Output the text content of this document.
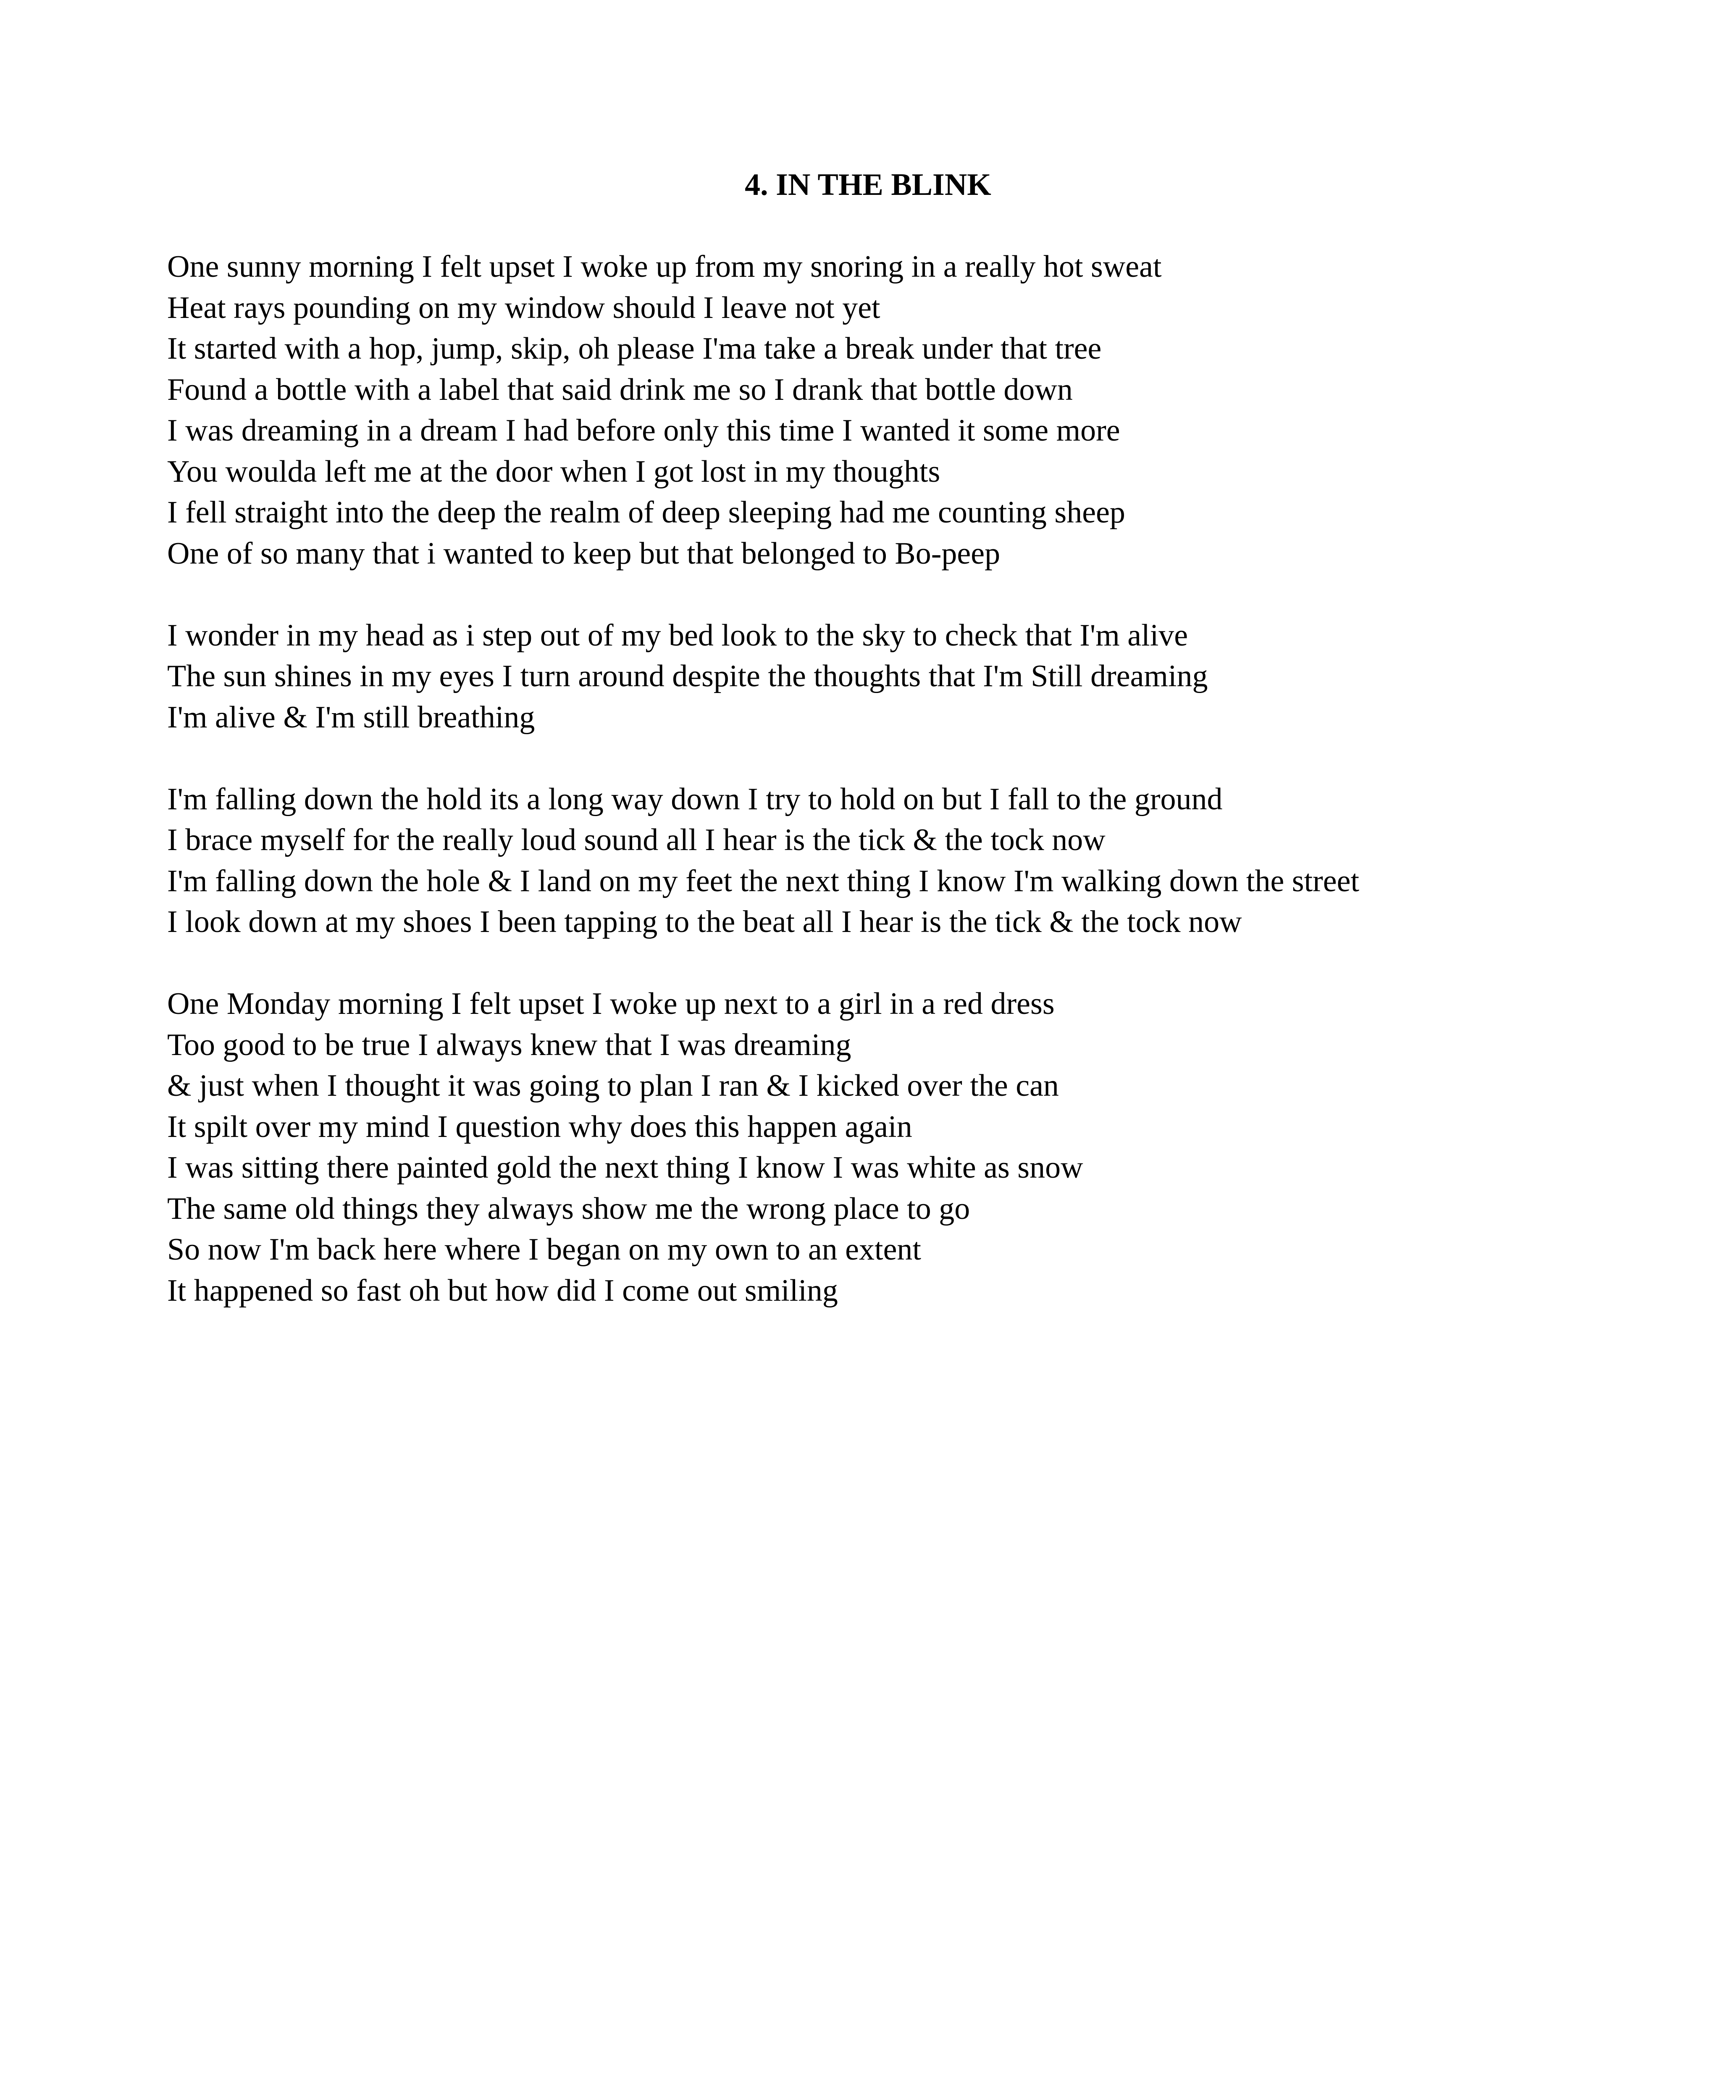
4. IN THE BLINK
One sunny morning I felt upset I woke up from my snoring in a really hot sweat
Heat rays pounding on my window should I leave not yet
It started with a hop, jump, skip, oh please I'ma take a break under that tree
Found a bottle with a label that said drink me so I drank that bottle down
I was dreaming in a dream I had before only this time I wanted it some more
You woulda left me at the door when I got lost in my thoughts
I fell straight into the deep the realm of deep sleeping had me counting sheep
One of so many that i wanted to keep but that belonged to Bo-peep
I wonder in my head as i step out of my bed look to the sky to check that I'm alive
The sun shines in my eyes I turn around despite the thoughts that I'm Still dreaming
I'm alive & I'm still breathing
I'm falling down the hold its a long way down I try to hold on but I fall to the ground
I brace myself for the really loud sound all I hear is the tick & the tock now
I'm falling down the hole & I land on my feet the next thing I know I'm walking down the street
I look down at my shoes I been tapping to the beat all I hear is the tick & the tock now
One Monday morning I felt upset I woke up next to a girl in a red dress
Too good to be true I always knew that I was dreaming
& just when I thought it was going to plan I ran & I kicked over the can
It spilt over my mind I question why does this happen again
I was sitting there painted gold the next thing I know I was white as snow
The same old things they always show me the wrong place to go
So now I'm back here where I began on my own to an extent
It happened so fast oh but how did I come out smiling
